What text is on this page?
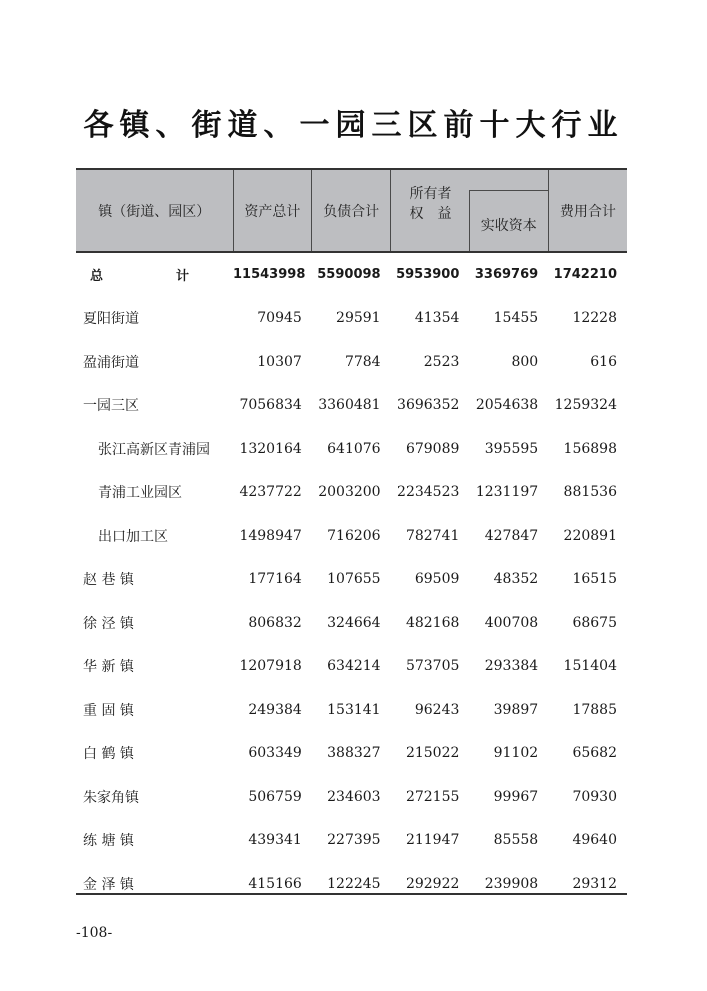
各镇、街道、一园三区前十大行业
镇（街道、园区）	资产总计	负债合计	所有者
权　益		费用合计
				实收资本	
总　计	11543998	5590098	5953900	3369769	1742210
夏阳街道	70945	29591	41354	15455	12228
盈浦街道	10307	7784	2523	800	616
一园三区	7056834	3360481	3696352	2054638	1259324
张江高新区青浦园	1320164	641076	679089	395595	156898
青浦工业园区	4237722	2003200	2234523	1231197	881536
出口加工区	1498947	716206	782741	427847	220891
赵 巷 镇	177164	107655	69509	48352	16515
徐 泾 镇	806832	324664	482168	400708	68675
华 新 镇	1207918	634214	573705	293384	151404
重 固 镇	249384	153141	96243	39897	17885
白 鹤 镇	603349	388327	215022	91102	65682
朱家角镇	506759	234603	272155	99967	70930
练 塘 镇	439341	227395	211947	85558	49640
金 泽 镇	415166	122245	292922	239908	29312
-108-
